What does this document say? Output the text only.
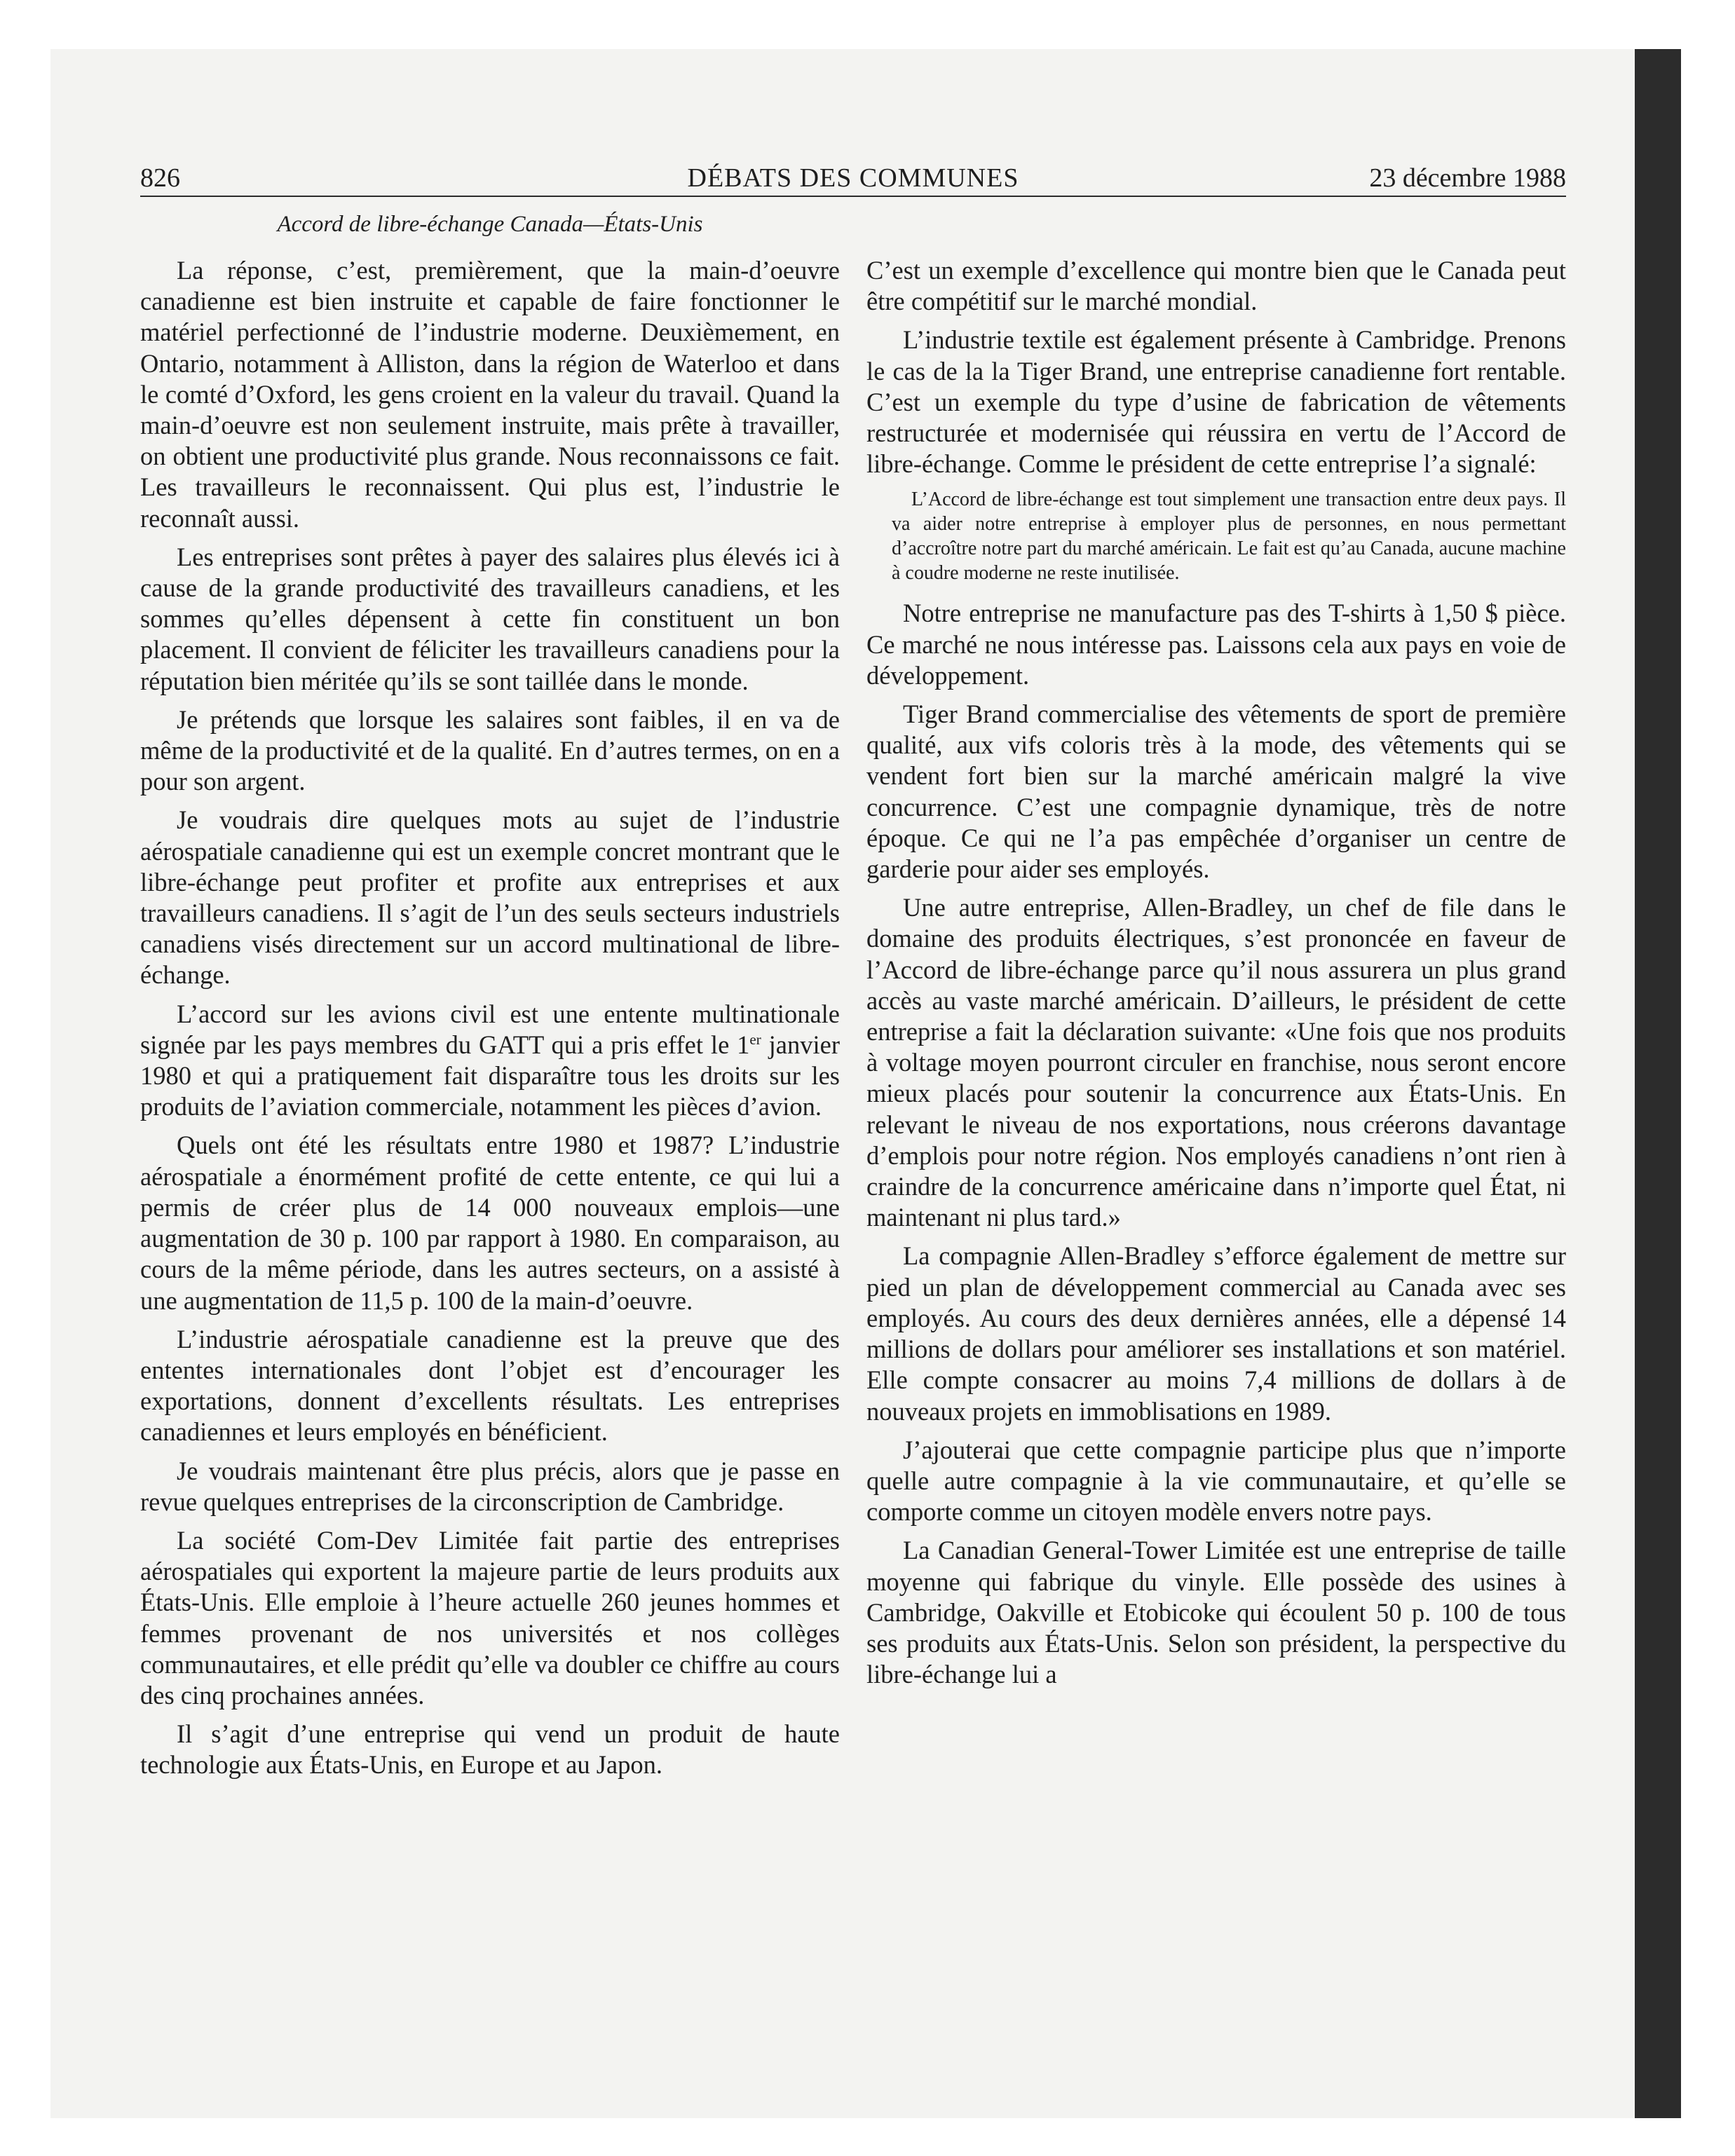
826	DÉBATS DES COMMUNES	23 décembre 1988
Accord de libre-échange Canada—États-Unis

La réponse, c’est, premièrement, que la main-d’oeuvre canadienne est bien instruite et capable de faire fonctionner le matériel perfectionné de l’industrie moderne. Deuxièmement, en Ontario, notamment à Alliston, dans la région de Waterloo et dans le comté d’Oxford, les gens croient en la valeur du travail. Quand la main-d’oeuvre est non seulement instruite, mais prête à travailler, on obtient une productivité plus grande. Nous reconnaissons ce fait. Les travailleurs le reconnaissent. Qui plus est, l’industrie le reconnaît aussi.

Les entreprises sont prêtes à payer des salaires plus élevés ici à cause de la grande productivité des travailleurs canadiens, et les sommes qu’elles dépensent à cette fin constituent un bon placement. Il convient de féliciter les travailleurs canadiens pour la réputation bien méritée qu’ils se sont taillée dans le monde.

Je prétends que lorsque les salaires sont faibles, il en va de même de la productivité et de la qualité. En d’autres termes, on en a pour son argent.

Je voudrais dire quelques mots au sujet de l’industrie aérospatiale canadienne qui est un exemple concret montrant que le libre-échange peut profiter et profite aux entreprises et aux travailleurs canadiens. Il s’agit de l’un des seuls secteurs industriels canadiens visés directement sur un accord multinational de libre-échange.

L’accord sur les avions civil est une entente multinationale signée par les pays membres du GATT qui a pris effet le 1er janvier 1980 et qui a pratiquement fait disparaître tous les droits sur les produits de l’aviation commerciale, notamment les pièces d’avion.

Quels ont été les résultats entre 1980 et 1987? L’industrie aérospatiale a énormément profité de cette entente, ce qui lui a permis de créer plus de 14 000 nouveaux emplois—une augmentation de 30 p. 100 par rapport à 1980. En comparaison, au cours de la même période, dans les autres secteurs, on a assisté à une augmentation de 11,5 p. 100 de la main-d’oeuvre.

L’industrie aérospatiale canadienne est la preuve que des ententes internationales dont l’objet est d’encourager les exportations, donnent d’excellents résultats. Les entreprises canadiennes et leurs employés en bénéficient.

Je voudrais maintenant être plus précis, alors que je passe en revue quelques entreprises de la circonscription de Cambridge.

La société Com-Dev Limitée fait partie des entreprises aérospatiales qui exportent la majeure partie de leurs produits aux États-Unis. Elle emploie à l’heure actuelle 260 jeunes hommes et femmes provenant de nos universités et nos collèges communautaires, et elle prédit qu’elle va doubler ce chiffre au cours des cinq prochaines années.

Il s’agit d’une entreprise qui vend un produit de haute technologie aux États-Unis, en Europe et au Japon.

C’est un exemple d’excellence qui montre bien que le Canada peut être compétitif sur le marché mondial.

L’industrie textile est également présente à Cambridge. Prenons le cas de la la Tiger Brand, une entreprise canadienne fort rentable. C’est un exemple du type d’usine de fabrication de vêtements restructurée et modernisée qui réussira en vertu de l’Accord de libre-échange. Comme le président de cette entreprise l’a signalé:

L’Accord de libre-échange est tout simplement une transaction entre deux pays. Il va aider notre entreprise à employer plus de personnes, en nous permettant d’accroître notre part du marché américain. Le fait est qu’au Canada, aucune machine à coudre moderne ne reste inutilisée.

Notre entreprise ne manufacture pas des T-shirts à 1,50 $ pièce. Ce marché ne nous intéresse pas. Laissons cela aux pays en voie de développement.

Tiger Brand commercialise des vêtements de sport de première qualité, aux vifs coloris très à la mode, des vêtements qui se vendent fort bien sur la marché américain malgré la vive concurrence. C’est une compagnie dynamique, très de notre époque. Ce qui ne l’a pas empêchée d’organiser un centre de garderie pour aider ses employés.

Une autre entreprise, Allen-Bradley, un chef de file dans le domaine des produits électriques, s’est prononcée en faveur de l’Accord de libre-échange parce qu’il nous assurera un plus grand accès au vaste marché américain. D’ailleurs, le président de cette entreprise a fait la déclaration suivante: «Une fois que nos produits à voltage moyen pourront circuler en franchise, nous seront encore mieux placés pour soutenir la concurrence aux États-Unis. En relevant le niveau de nos exportations, nous créerons davantage d’emplois pour notre région. Nos employés canadiens n’ont rien à craindre de la concurrence américaine dans n’importe quel État, ni maintenant ni plus tard.»

La compagnie Allen-Bradley s’efforce également de mettre sur pied un plan de développement commercial au Canada avec ses employés. Au cours des deux dernières années, elle a dépensé 14 millions de dollars pour améliorer ses installations et son matériel. Elle compte consacrer au moins 7,4 millions de dollars à de nouveaux projets en immoblisations en 1989.

J’ajouterai que cette compagnie participe plus que n’importe quelle autre compagnie à la vie communautaire, et qu’elle se comporte comme un citoyen modèle envers notre pays.

La Canadian General-Tower Limitée est une entreprise de taille moyenne qui fabrique du vinyle. Elle possède des usines à Cambridge, Oakville et Etobicoke qui écoulent 50 p. 100 de tous ses produits aux États-Unis. Selon son président, la perspective du libre-échange lui a
